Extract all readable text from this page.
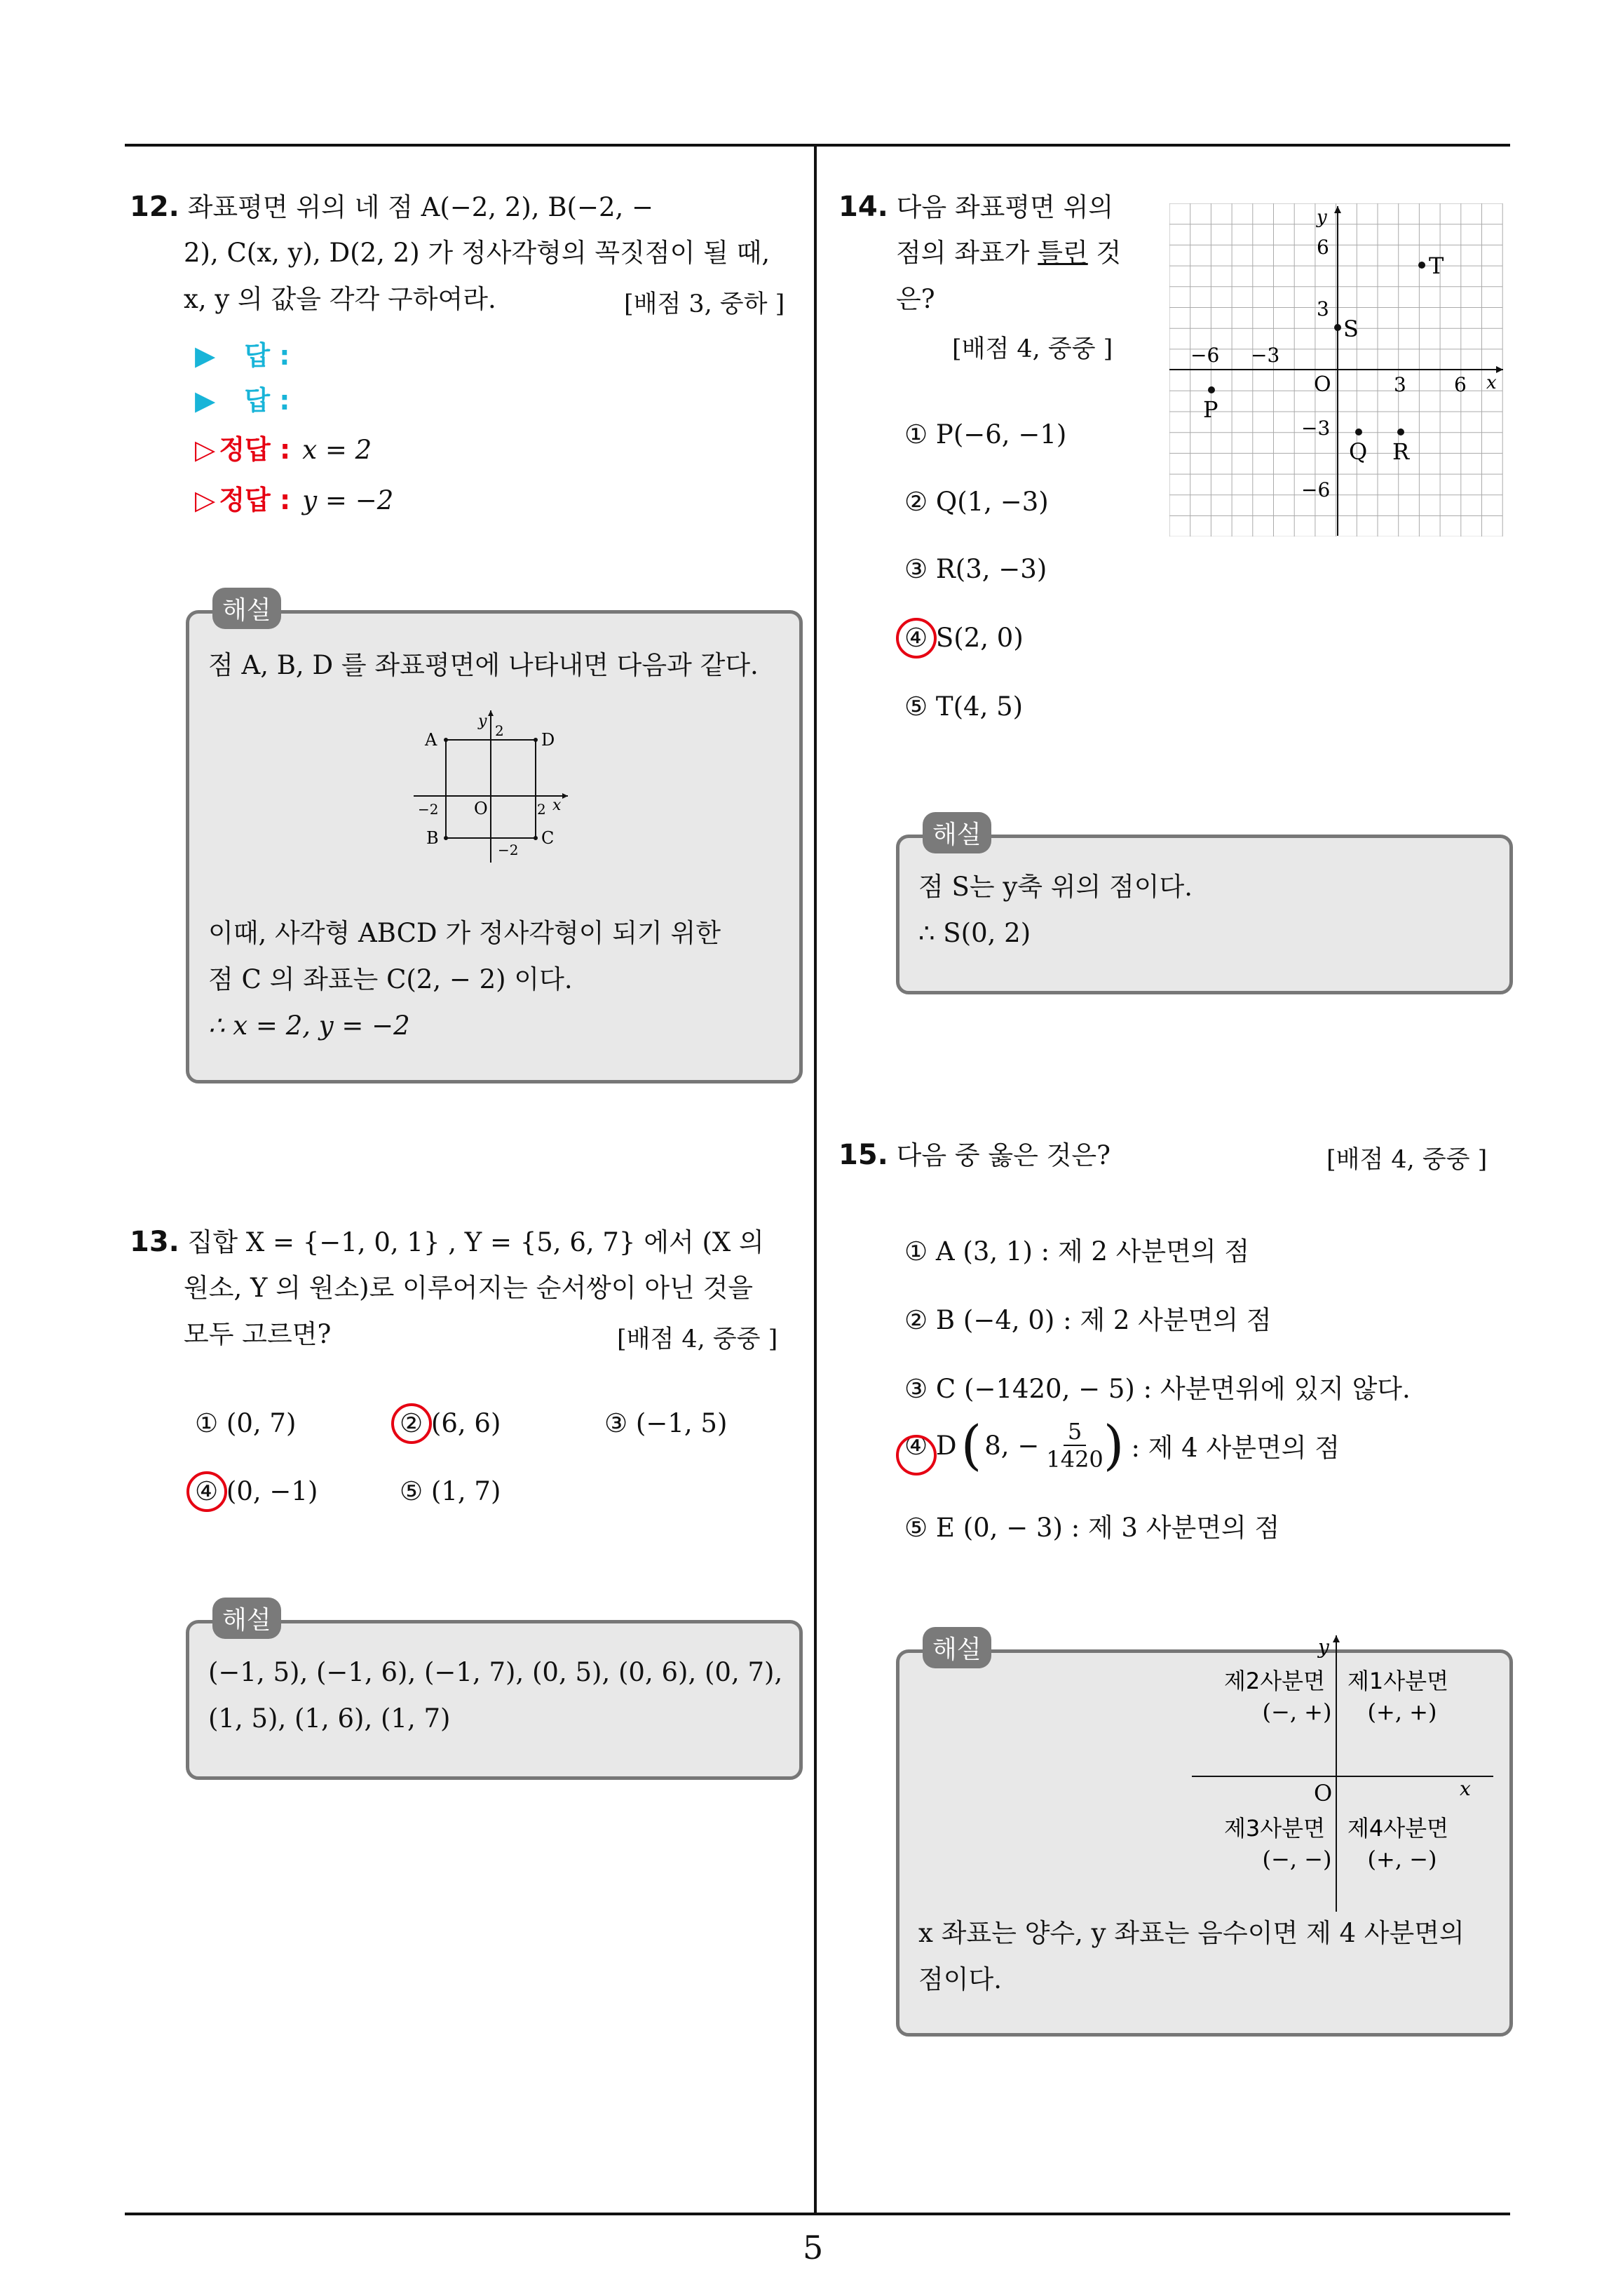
5
12. 좌표평면 위의 네 점 A(−2, 2), B(−2, −
2), C(x, y), D(2, 2) 가 정사각형의 꼭짓점이 될 때,
x, y 의 값을 각각 구하여라.	[배점 3, 중하 ]
▶ 답 :
▶ 답 :
▷ 정답 : x = 2
▷ 정답 : y = −2
해설
점 A, B, D 를 좌표평면에 나타내면 다음과 같다.
A	D
B	C
O
y
x
2
−2	2
−2
이때, 사각형 ABCD 가 정사각형이 되기 위한
점 C 의 좌표는 C(2, − 2) 이다.
∴ x = 2, y = −2
13. 집합 X = {−1, 0, 1} , Y = {5, 6, 7} 에서 (X 의
원소, Y 의 원소)로 이루어지는 순서쌍이 아닌 것을
모두 고르면?	[배점 4, 중중 ]
① (0, 7)	② (6, 6)	③ (−1, 5)
④ (0, −1)	⑤ (1, 7)
해설
(−1, 5), (−1, 6), (−1, 7), (0, 5), (0, 6), (0, 7),
(1, 5), (1, 6), (1, 7)
14. 다음 좌표평면 위의
점의 좌표가 틀린 것
은?
[배점 4, 중중 ]
y
x
O
6
3
−3
−6
3 6
−3
−6
P
Q R
S
T
① P(−6, −1)
② Q(1, −3)
③ R(3, −3)
④ S(2, 0)
⑤ T(4, 5)
해설
점 S는 y축 위의 점이다.
∴ S(0, 2)
15. 다음 중 옳은 것은?	[배점 4, 중중 ]
① A (3, 1) : 제 2 사분면의 점
② B (−4, 0) : 제 2 사분면의 점
③ C (−1420, − 5) : 사분면위에 있지 않다.
④ D ( 8, − $\frac{5}{1420}$ ) : 제 4 사분면의 점
⑤ E (0, − 3) : 제 3 사분면의 점
해설	y
x
O
제2사분면
(−, +)
제1사분면
(+, +)
제3사분면
(−, −)
제4사분면
(+, −)
x 좌표는 양수, y 좌표는 음수이면 제 4 사분면의
점이다.
